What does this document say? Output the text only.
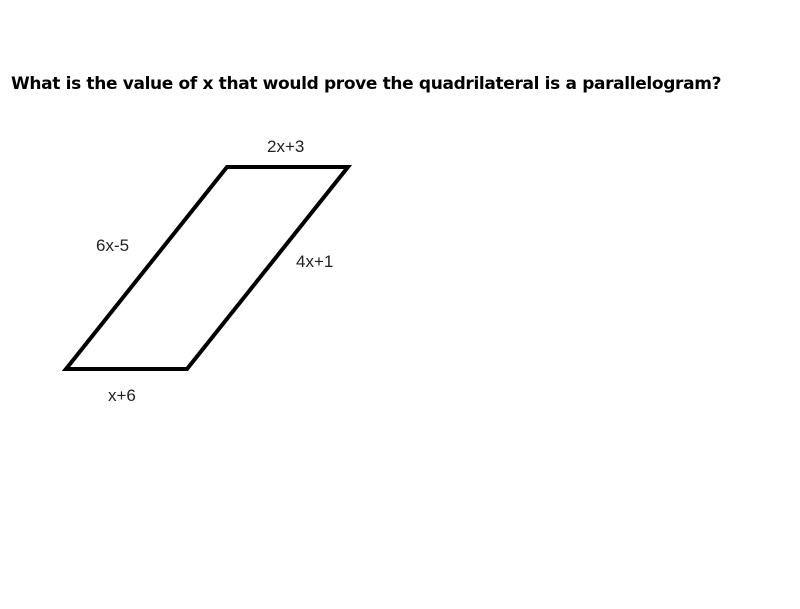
What is the value of x that would prove the quadrilateral is a parallelogram?
2x+3
6x-5
4x+1
x+6
